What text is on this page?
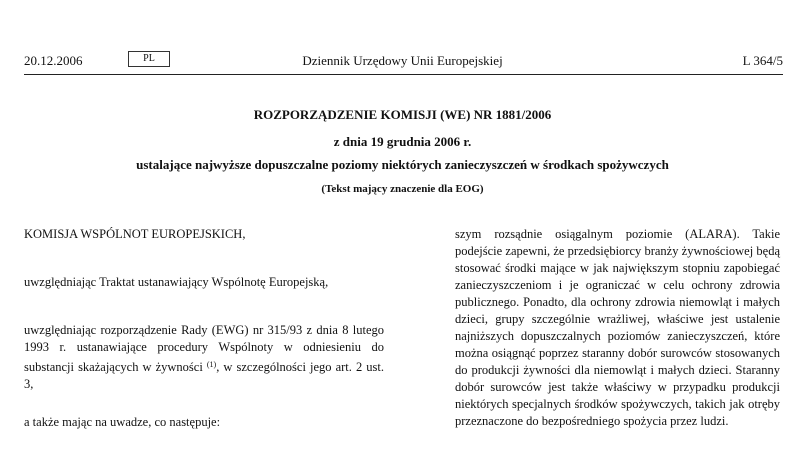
20.12.2006	PL	Dziennik Urzędowy Unii Europejskiej	L 364/5
ROZPORZĄDZENIE KOMISJI (WE) NR 1881/2006
z dnia 19 grudnia 2006 r.
ustalające najwyższe dopuszczalne poziomy niektórych zanieczyszczeń w środkach spożywczych
(Tekst mający znaczenie dla EOG)

KOMISJA WSPÓLNOT EUROPEJSKICH,

uwzględniając Traktat ustanawiający Wspólnotę Europejską,

uwzględniając rozporządzenie Rady (EWG) nr 315/93 z dnia 8 lutego 1993 r. ustanawiające procedury Wspólnoty w odniesieniu do substancji skażających w żywności $^{(1)}$, w szczególności jego art. 2 ust. 3,

a także mając na uwadze, co następuje:

szym rozsądnie osiągalnym poziomie (ALARA). Takie podejście zapewni, że przedsiębiorcy branży żywnościowej będą stosować środki mające w jak największym stopniu zapobiegać zanieczyszczeniom i je ograniczać w celu ochrony zdrowia publicznego. Ponadto, dla ochrony zdrowia niemowląt i małych dzieci, grupy szczególnie wrażliwej, właściwe jest ustalenie najniższych dopuszczalnych poziomów zanieczyszczeń, które można osiągnąć poprzez staranny dobór surowców stosowanych do produkcji żywności dla niemowląt i małych dzieci. Staranny dobór surowców jest także właściwy w przypadku produkcji niektórych specjalnych środków spożywczych, takich jak otręby przeznaczone do bezpośredniego spożycia przez ludzi.
